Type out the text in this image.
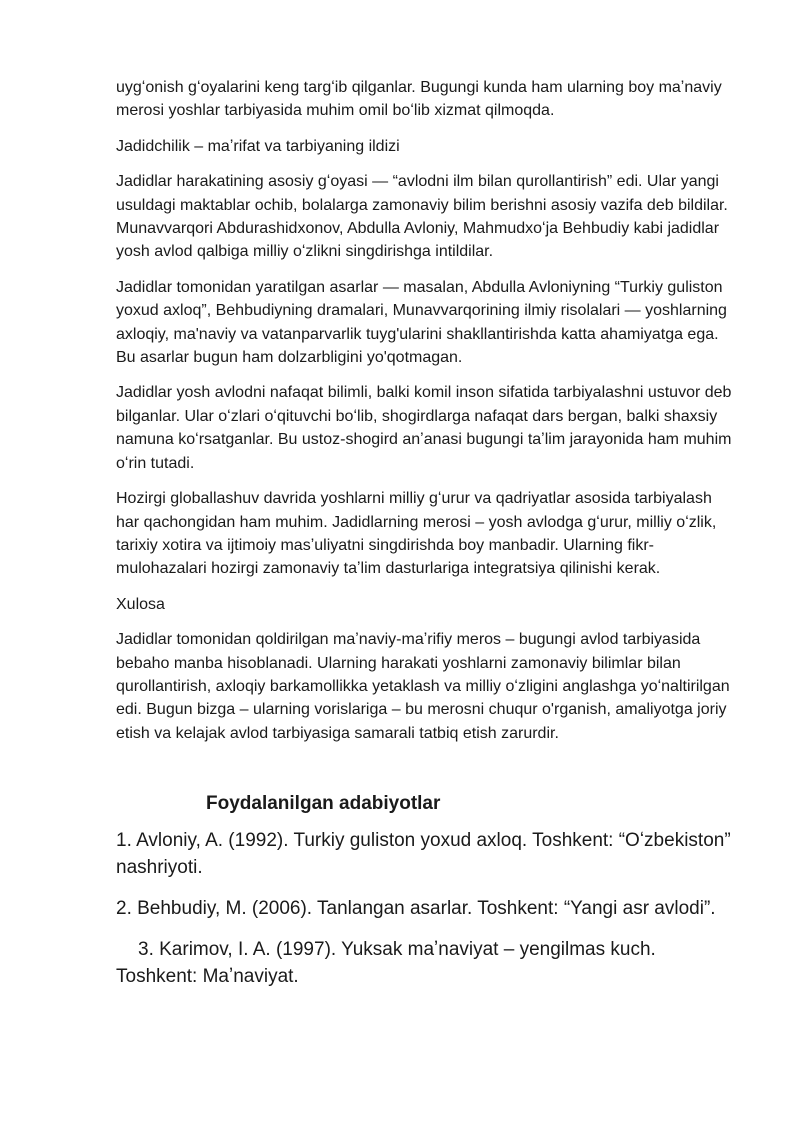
uygʻonish gʻoyalarini keng targʻib qilganlar. Bugungi kunda ham ularning boy maʼnaviy merosi yoshlar tarbiyasida muhim omil boʻlib xizmat qilmoqda.

Jadidchilik – maʼrifat va tarbiyaning ildizi

Jadidlar harakatining asosiy gʻoyasi — “avlodni ilm bilan qurollantirish” edi. Ular yangi usuldagi maktablar ochib, bolalarga zamonaviy bilim berishni asosiy vazifa deb bildilar. Munavvarqori Abdurashidxonov, Abdulla Avloniy, Mahmudxoʻja Behbudiy kabi jadidlar yosh avlod qalbiga milliy oʻzlikni singdirishga intildilar.

Jadidlar tomonidan yaratilgan asarlar — masalan, Abdulla Avloniyning “Turkiy guliston yoxud axloq”, Behbudiyning dramalari, Munavvarqorining ilmiy risolalari — yoshlarning axloqiy, ma'naviy va vatanparvarlik tuyg'ularini shakllantirishda katta ahamiyatga ega. Bu asarlar bugun ham dolzarbligini yo'qotmagan.

Jadidlar yosh avlodni nafaqat bilimli, balki komil inson sifatida tarbiyalashni ustuvor deb bilganlar. Ular oʻzlari oʻqituvchi boʻlib, shogirdlarga nafaqat dars bergan, balki shaxsiy namuna koʻrsatganlar. Bu ustoz-shogird anʼanasi bugungi taʼlim jarayonida ham muhim oʻrin tutadi.

Hozirgi globallashuv davrida yoshlarni milliy gʻurur va qadriyatlar asosida tarbiyalash har qachongidan ham muhim. Jadidlarning merosi – yosh avlodga gʻurur, milliy oʻzlik, tarixiy xotira va ijtimoiy masʼuliyatni singdirishda boy manbadir. Ularning fikr-mulohazalari hozirgi zamonaviy taʼlim dasturlariga integratsiya qilinishi kerak.

Xulosa

Jadidlar tomonidan qoldirilgan maʼnaviy-maʼrifiy meros – bugungi avlod tarbiyasida bebaho manba hisoblanadi. Ularning harakati yoshlarni zamonaviy bilimlar bilan qurollantirish, axloqiy barkamollikka yetaklash va milliy oʻzligini anglashga yoʻnaltirilgan edi. Bugun bizga – ularning vorislariga – bu merosni chuqur o'rganish, amaliyotga joriy etish va kelajak avlod tarbiyasiga samarali tatbiq etish zarurdir.

Foydalanilgan adabiyotlar

1. Avloniy, A. (1992). Turkiy guliston yoxud axloq. Toshkent: “Oʻzbekiston” nashriyoti.

2. Behbudiy, M. (2006). Tanlangan asarlar. Toshkent: “Yangi asr avlodi”.

3. Karimov, I. A. (1997). Yuksak maʼnaviyat – yengilmas kuch. Toshkent: Maʼnaviyat.
